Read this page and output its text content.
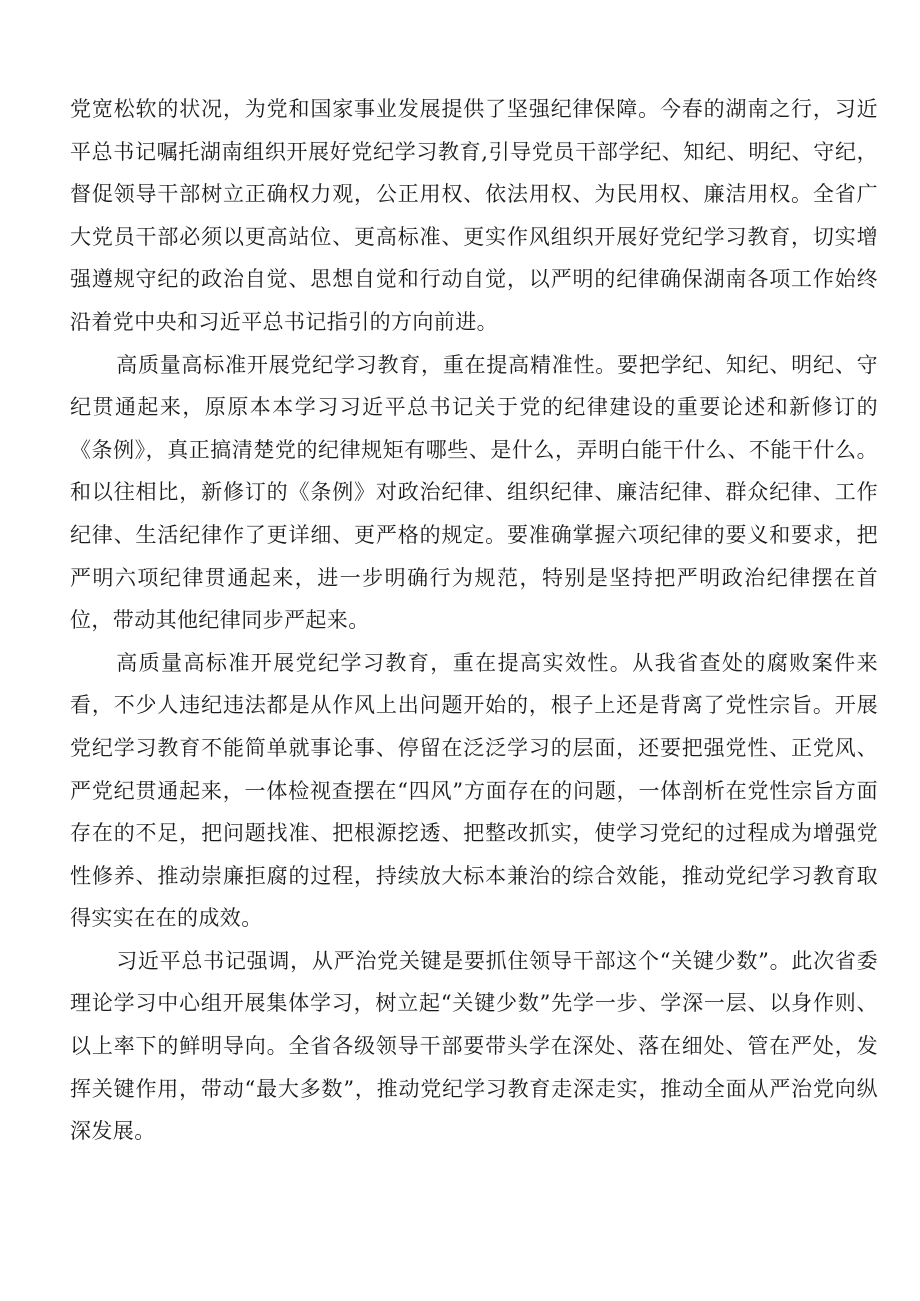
党宽松软的状况，为党和国家事业发展提供了坚强纪律保障。今春的湖南之行，习近平总书记嘱托湖南组织开展好党纪学习教育,引导党员干部学纪、知纪、明纪、守纪，督促领导干部树立正确权力观，公正用权、依法用权、为民用权、廉洁用权。全省广大党员干部必须以更高站位、更高标准、更实作风组织开展好党纪学习教育，切实增强遵规守纪的政治自觉、思想自觉和行动自觉，以严明的纪律确保湖南各项工作始终沿着党中央和习近平总书记指引的方向前进。

高质量高标准开展党纪学习教育，重在提高精准性。要把学纪、知纪、明纪、守纪贯通起来，原原本本学习习近平总书记关于党的纪律建设的重要论述和新修订的《条例》，真正搞清楚党的纪律规矩有哪些、是什么，弄明白能干什么、不能干什么。和以往相比，新修订的《条例》对政治纪律、组织纪律、廉洁纪律、群众纪律、工作纪律、生活纪律作了更详细、更严格的规定。要准确掌握六项纪律的要义和要求，把严明六项纪律贯通起来，进一步明确行为规范，特别是坚持把严明政治纪律摆在首位，带动其他纪律同步严起来。

高质量高标准开展党纪学习教育，重在提高实效性。从我省查处的腐败案件来看，不少人违纪违法都是从作风上出问题开始的，根子上还是背离了党性宗旨。开展党纪学习教育不能简单就事论事、停留在泛泛学习的层面，还要把强党性、正党风、严党纪贯通起来，一体检视查摆在“四风”方面存在的问题，一体剖析在党性宗旨方面存在的不足，把问题找准、把根源挖透、把整改抓实，使学习党纪的过程成为增强党性修养、推动崇廉拒腐的过程，持续放大标本兼治的综合效能，推动党纪学习教育取得实实在在的成效。

习近平总书记强调，从严治党关键是要抓住领导干部这个“关键少数”。此次省委理论学习中心组开展集体学习，树立起“关键少数”先学一步、学深一层、以身作则、以上率下的鲜明导向。全省各级领导干部要带头学在深处、落在细处、管在严处，发挥关键作用，带动“最大多数”，推动党纪学习教育走深走实，推动全面从严治党向纵深发展。
